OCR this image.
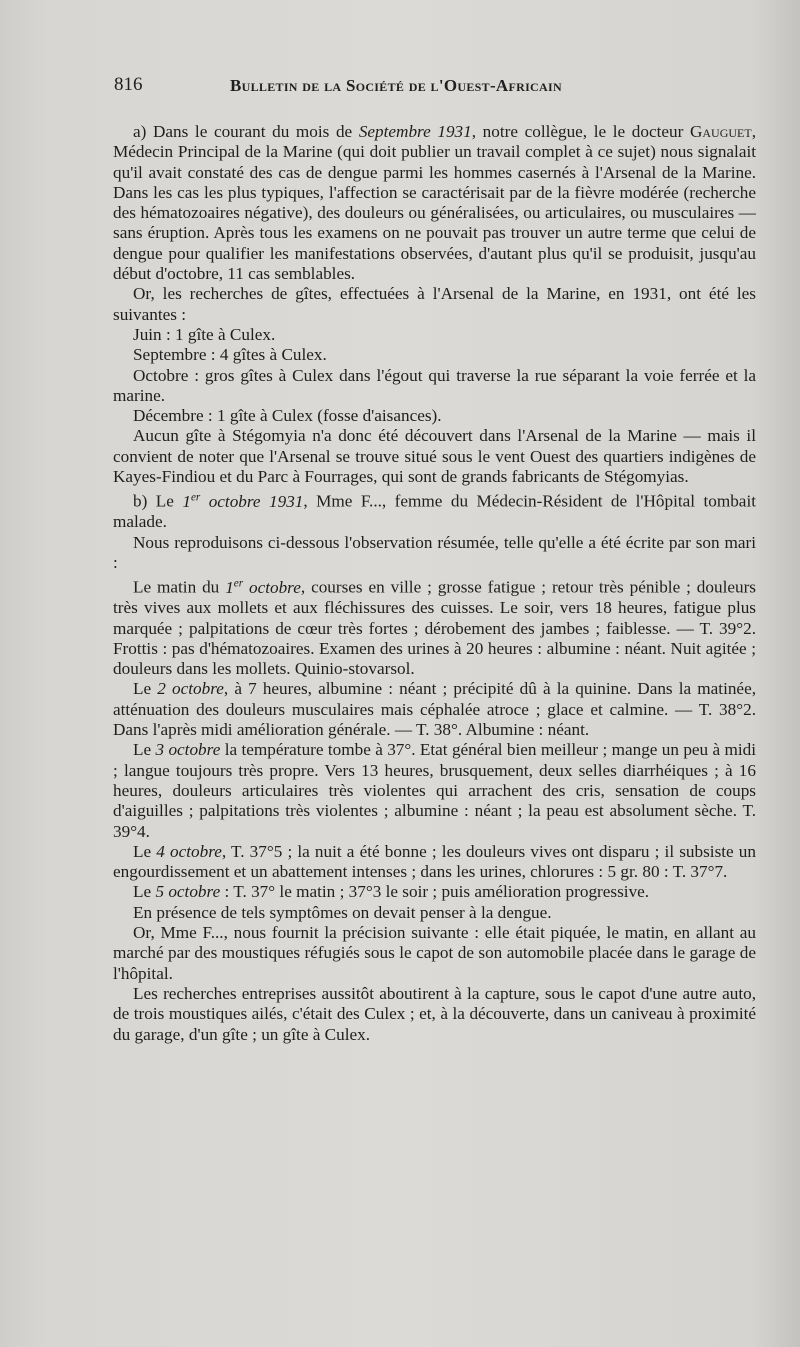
816	Bulletin de la Société de l'Ouest-Africain

a) Dans le courant du mois de Septembre 1931, notre collègue, le le docteur Gauguet, Médecin Principal de la Marine (qui doit publier un travail complet à ce sujet) nous signalait qu'il avait constaté des cas de dengue parmi les hommes casernés à l'Arsenal de la Marine. Dans les cas les plus typiques, l'affection se caractérisait par de la fièvre modérée (recherche des hématozoaires négative), des douleurs ou généralisées, ou articulaires, ou musculaires — sans éruption. Après tous les examens on ne pouvait pas trouver un autre terme que celui de dengue pour qualifier les manifestations observées, d'autant plus qu'il se produisit, jusqu'au début d'octobre, 11 cas semblables.

Or, les recherches de gîtes, effectuées à l'Arsenal de la Marine, en 1931, ont été les suivantes :

Juin : 1 gîte à Culex.

Septembre : 4 gîtes à Culex.

Octobre : gros gîtes à Culex dans l'égout qui traverse la rue séparant la voie ferrée et la marine.

Décembre : 1 gîte à Culex (fosse d'aisances).

Aucun gîte à Stégomyia n'a donc été découvert dans l'Arsenal de la Marine — mais il convient de noter que l'Arsenal se trouve situé sous le vent Ouest des quartiers indigènes de Kayes-Findiou et du Parc à Fourrages, qui sont de grands fabricants de Stégomyias.

b) Le 1er octobre 1931, Mme F..., femme du Médecin-Résident de l'Hôpital tombait malade.

Nous reproduisons ci-dessous l'observation résumée, telle qu'elle a été écrite par son mari :

Le matin du 1er octobre, courses en ville ; grosse fatigue ; retour très pénible ; douleurs très vives aux mollets et aux fléchissures des cuisses. Le soir, vers 18 heures, fatigue plus marquée ; palpitations de cœur très fortes ; dérobement des jambes ; faiblesse. — T. 39°2. Frottis : pas d'hématozoaires. Examen des urines à 20 heures : albumine : néant. Nuit agitée ; douleurs dans les mollets. Quinio-stovarsol.

Le 2 octobre, à 7 heures, albumine : néant ; précipité dû à la quinine. Dans la matinée, atténuation des douleurs musculaires mais céphalée atroce ; glace et calmine. — T. 38°2. Dans l'après midi amélioration générale. — T. 38°. Albumine : néant.

Le 3 octobre la température tombe à 37°. Etat général bien meilleur ; mange un peu à midi ; langue toujours très propre. Vers 13 heures, brusquement, deux selles diarrhéiques ; à 16 heures, douleurs articulaires très violentes qui arrachent des cris, sensation de coups d'aiguilles ; palpitations très violentes ; albumine : néant ; la peau est absolument sèche. T. 39°4.

Le 4 octobre, T. 37°5 ; la nuit a été bonne ; les douleurs vives ont disparu ; il subsiste un engourdissement et un abattement intenses ; dans les urines, chlorures : 5 gr. 80 : T. 37°7.

Le 5 octobre : T. 37° le matin ; 37°3 le soir ; puis amélioration progressive.

En présence de tels symptômes on devait penser à la dengue.

Or, Mme F..., nous fournit la précision suivante : elle était piquée, le matin, en allant au marché par des moustiques réfugiés sous le capot de son automobile placée dans le garage de l'hôpital.

Les recherches entreprises aussitôt aboutirent à la capture, sous le capot d'une autre auto, de trois moustiques ailés, c'était des Culex ; et, à la découverte, dans un caniveau à proximité du garage, d'un gîte ; un gîte à Culex.
